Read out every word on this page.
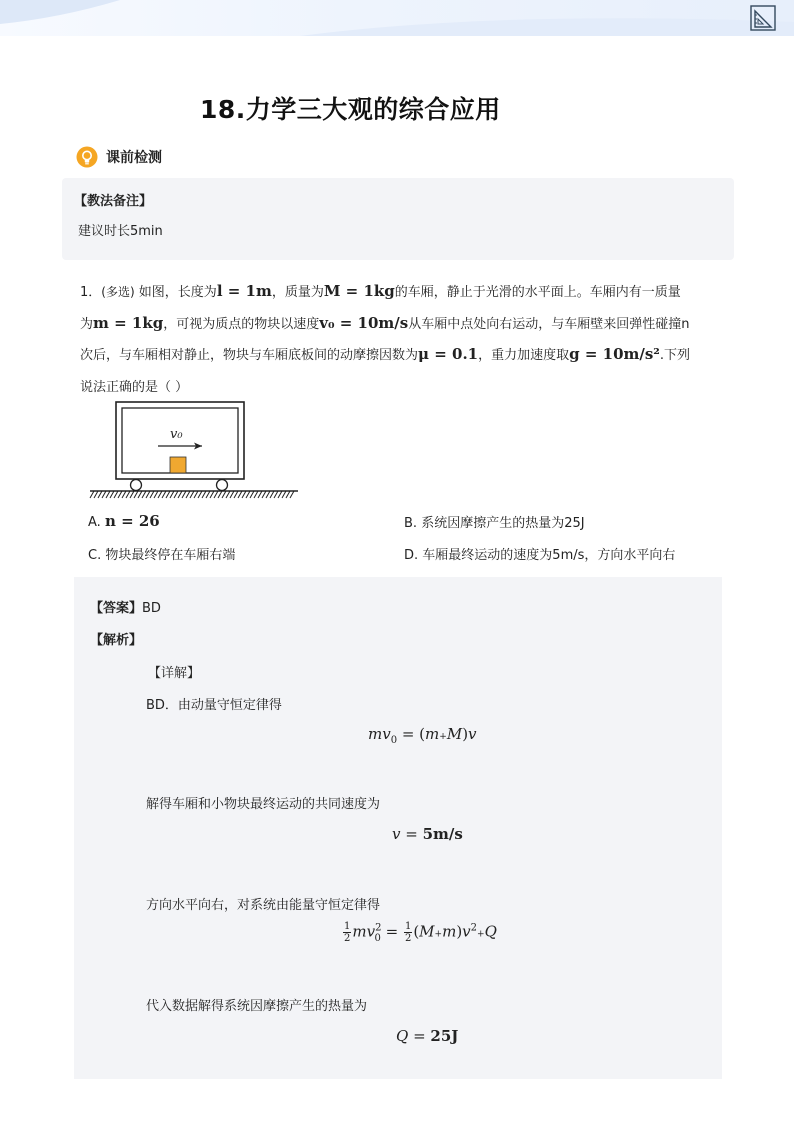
18.力学三大观的综合应用
课前检测
【教法备注】
建议时长5min
1．(多选) 如图，长度为l = 1m，质量为M = 1kg的车厢，静止于光滑的水平面上。车厢内有一质量
为m = 1kg，可视为质点的物块以速度v₀ = 10m/s从车厢中点处向右运动，与车厢壁来回弹性碰撞n
次后，与车厢相对静止，物块与车厢底板间的动摩擦因数为μ = 0.1，重力加速度取g = 10m/s².下列
说法正确的是（ ）
v₀
A. n = 26	B. 系统因摩擦产生的热量为25J
C. 物块最终停在车厢右端	D. 车厢最终运动的速度为5m/s，方向水平向右
【答案】BD
【解析】
【详解】
BD．由动量守恒定律得
$mv_0 = (m+M)v$
解得车厢和小物块最终运动的共同速度为
v = 5m/s
方向水平向右，对系统由能量守恒定律得
$\frac{1}{2} mv^2_0 = \frac{1}{2} (M+m)v^2+Q$
代入数据解得系统因摩擦产生的热量为
Q = 25J
